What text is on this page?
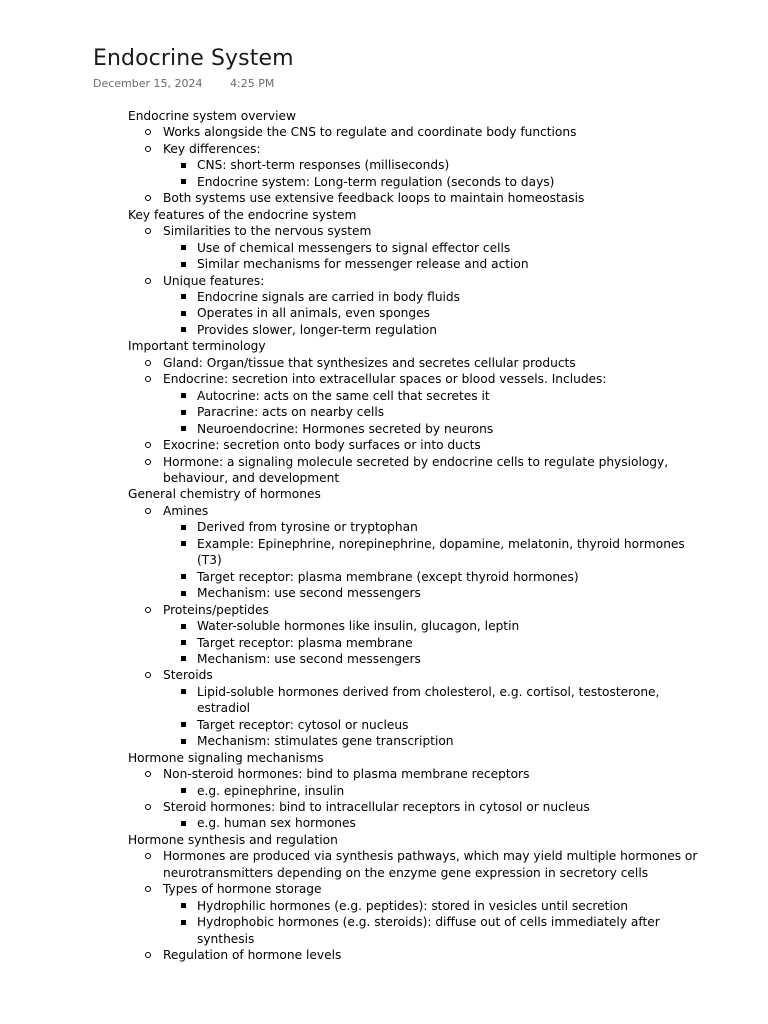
Endocrine System
December 15, 2024	4:25 PM
Endocrine system overview
Works alongside the CNS to regulate and coordinate body functions
Key differences:
CNS: short-term responses (milliseconds)
Endocrine system: Long-term regulation (seconds to days)
Both systems use extensive feedback loops to maintain homeostasis
Key features of the endocrine system
Similarities to the nervous system
Use of chemical messengers to signal effector cells
Similar mechanisms for messenger release and action
Unique features:
Endocrine signals are carried in body fluids
Operates in all animals, even sponges
Provides slower, longer-term regulation
Important terminology
Gland: Organ/tissue that synthesizes and secretes cellular products
Endocrine: secretion into extracellular spaces or blood vessels. Includes:
Autocrine: acts on the same cell that secretes it
Paracrine: acts on nearby cells
Neuroendocrine: Hormones secreted by neurons
Exocrine: secretion onto body surfaces or into ducts
Hormone: a signaling molecule secreted by endocrine cells to regulate physiology,
behaviour, and development
General chemistry of hormones
Amines
Derived from tyrosine or tryptophan
Example: Epinephrine, norepinephrine, dopamine, melatonin, thyroid hormones
(T3)
Target receptor: plasma membrane (except thyroid hormones)
Mechanism: use second messengers
Proteins/peptides
Water-soluble hormones like insulin, glucagon, leptin
Target receptor: plasma membrane
Mechanism: use second messengers
Steroids
Lipid-soluble hormones derived from cholesterol, e.g. cortisol, testosterone,
estradiol
Target receptor: cytosol or nucleus
Mechanism: stimulates gene transcription
Hormone signaling mechanisms
Non-steroid hormones: bind to plasma membrane receptors
e.g. epinephrine, insulin
Steroid hormones: bind to intracellular receptors in cytosol or nucleus
e.g. human sex hormones
Hormone synthesis and regulation
Hormones are produced via synthesis pathways, which may yield multiple hormones or
neurotransmitters depending on the enzyme gene expression in secretory cells
Types of hormone storage
Hydrophilic hormones (e.g. peptides): stored in vesicles until secretion
Hydrophobic hormones (e.g. steroids): diffuse out of cells immediately after
synthesis
Regulation of hormone levels
